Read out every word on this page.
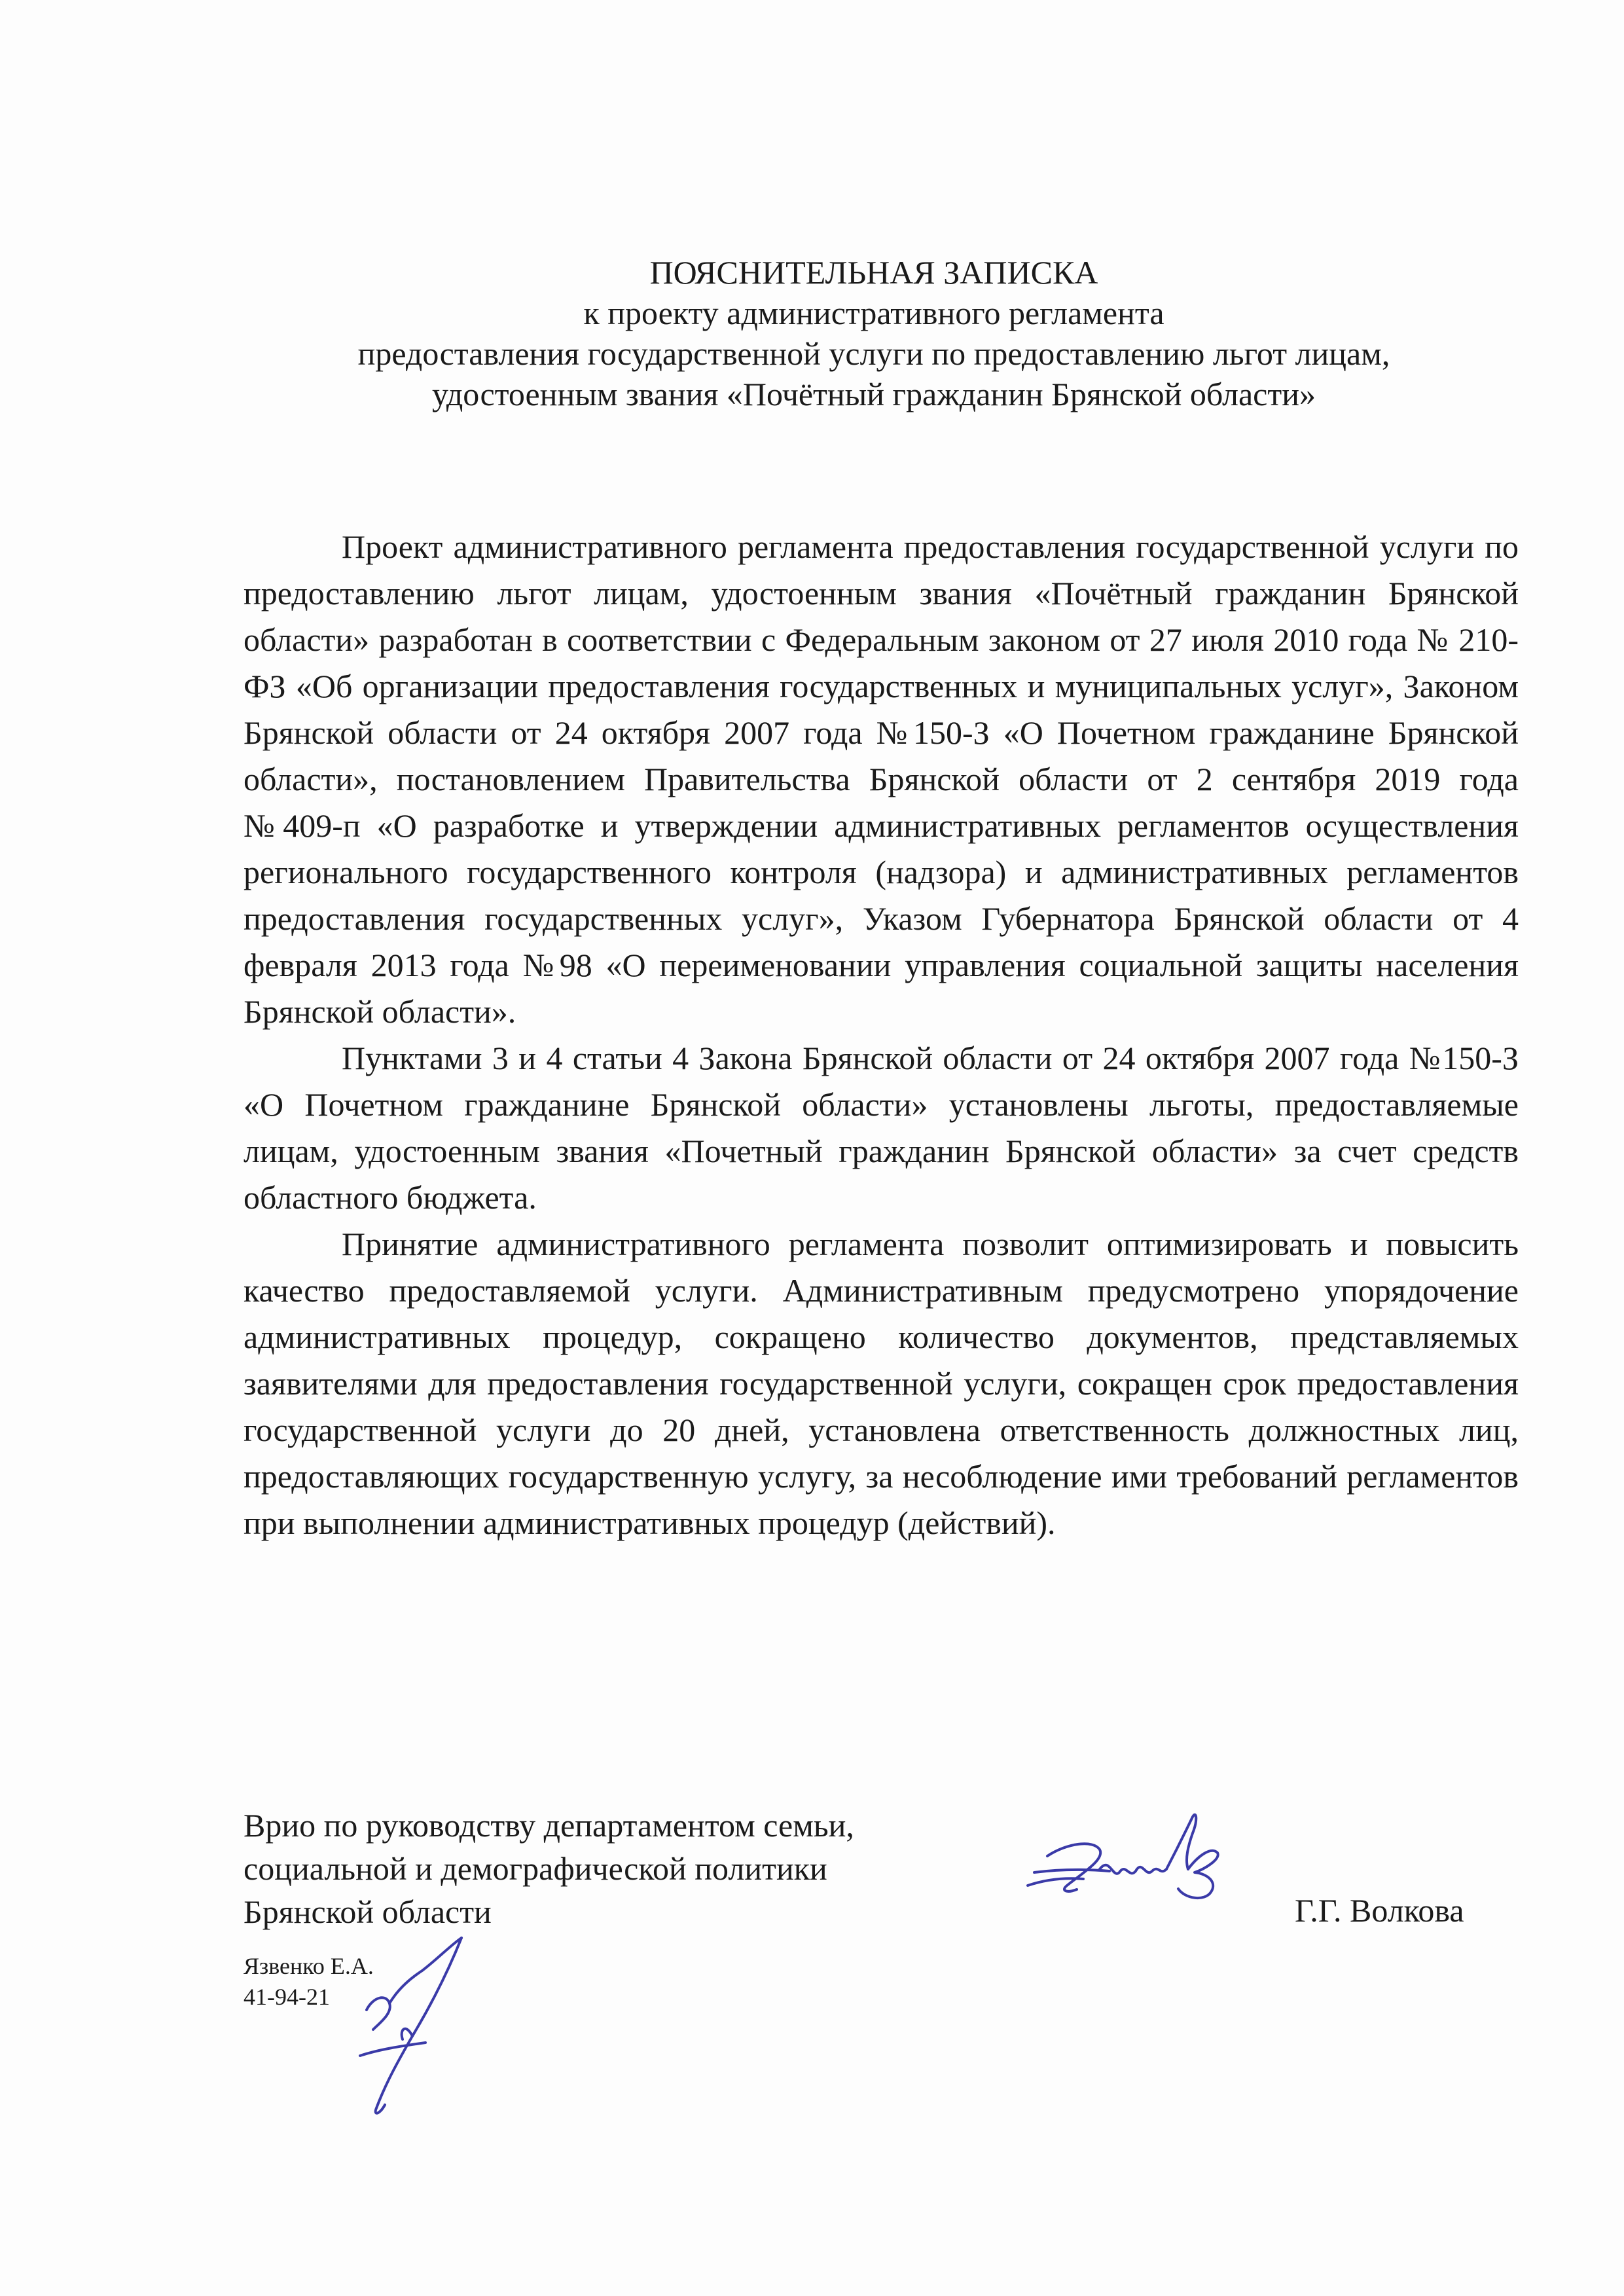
ПОЯСНИТЕЛЬНАЯ ЗАПИСКА
к проекту административного регламента
предоставления государственной услуги по предоставлению льгот лицам,
удостоенным звания «Почётный гражданин Брянской области»

Проект административного регламента предоставления государственной услуги по предоставлению льгот лицам, удостоенным звания «Почётный гражданин Брянской области» разработан в соответствии с Федеральным законом от 27 июля 2010 года № 210-ФЗ «Об организации предоставления государственных и муниципальных услуг», Законом Брянской области от 24 октября 2007 года №150-З «О Почетном гражданине Брянской области», постановлением Правительства Брянской области от 2 сентября 2019 года №409-п «О разработке и утверждении административных регламентов осуществления регионального государственного контроля (надзора) и административных регламентов предоставления государственных услуг», Указом Губернатора Брянской области от 4 февраля 2013 года №98 «О переименовании управления социальной защиты населения Брянской области».

Пунктами 3 и 4 статьи 4 Закона Брянской области от 24 октября 2007 года №150-З «О Почетном гражданине Брянской области» установлены льготы, предоставляемые лицам, удостоенным звания «Почетный гражданин Брянской области» за счет средств областного бюджета.

Принятие административного регламента позволит оптимизировать и повысить качество предоставляемой услуги. Административным предусмотрено упорядочение административных процедур, сокращено количество документов, представляемых заявителями для предоставления государственной услуги, сокращен срок предоставления государственной услуги до 20 дней, установлена ответственность должностных лиц, предоставляющих государственную услугу, за несоблюдение ими требований регламентов при выполнении административных процедур (действий).

Врио по руководству департаментом семьи,
социальной и демографической политики
Брянской области	Г.Г. Волкова
Язвенко Е.А.
41-94-21
